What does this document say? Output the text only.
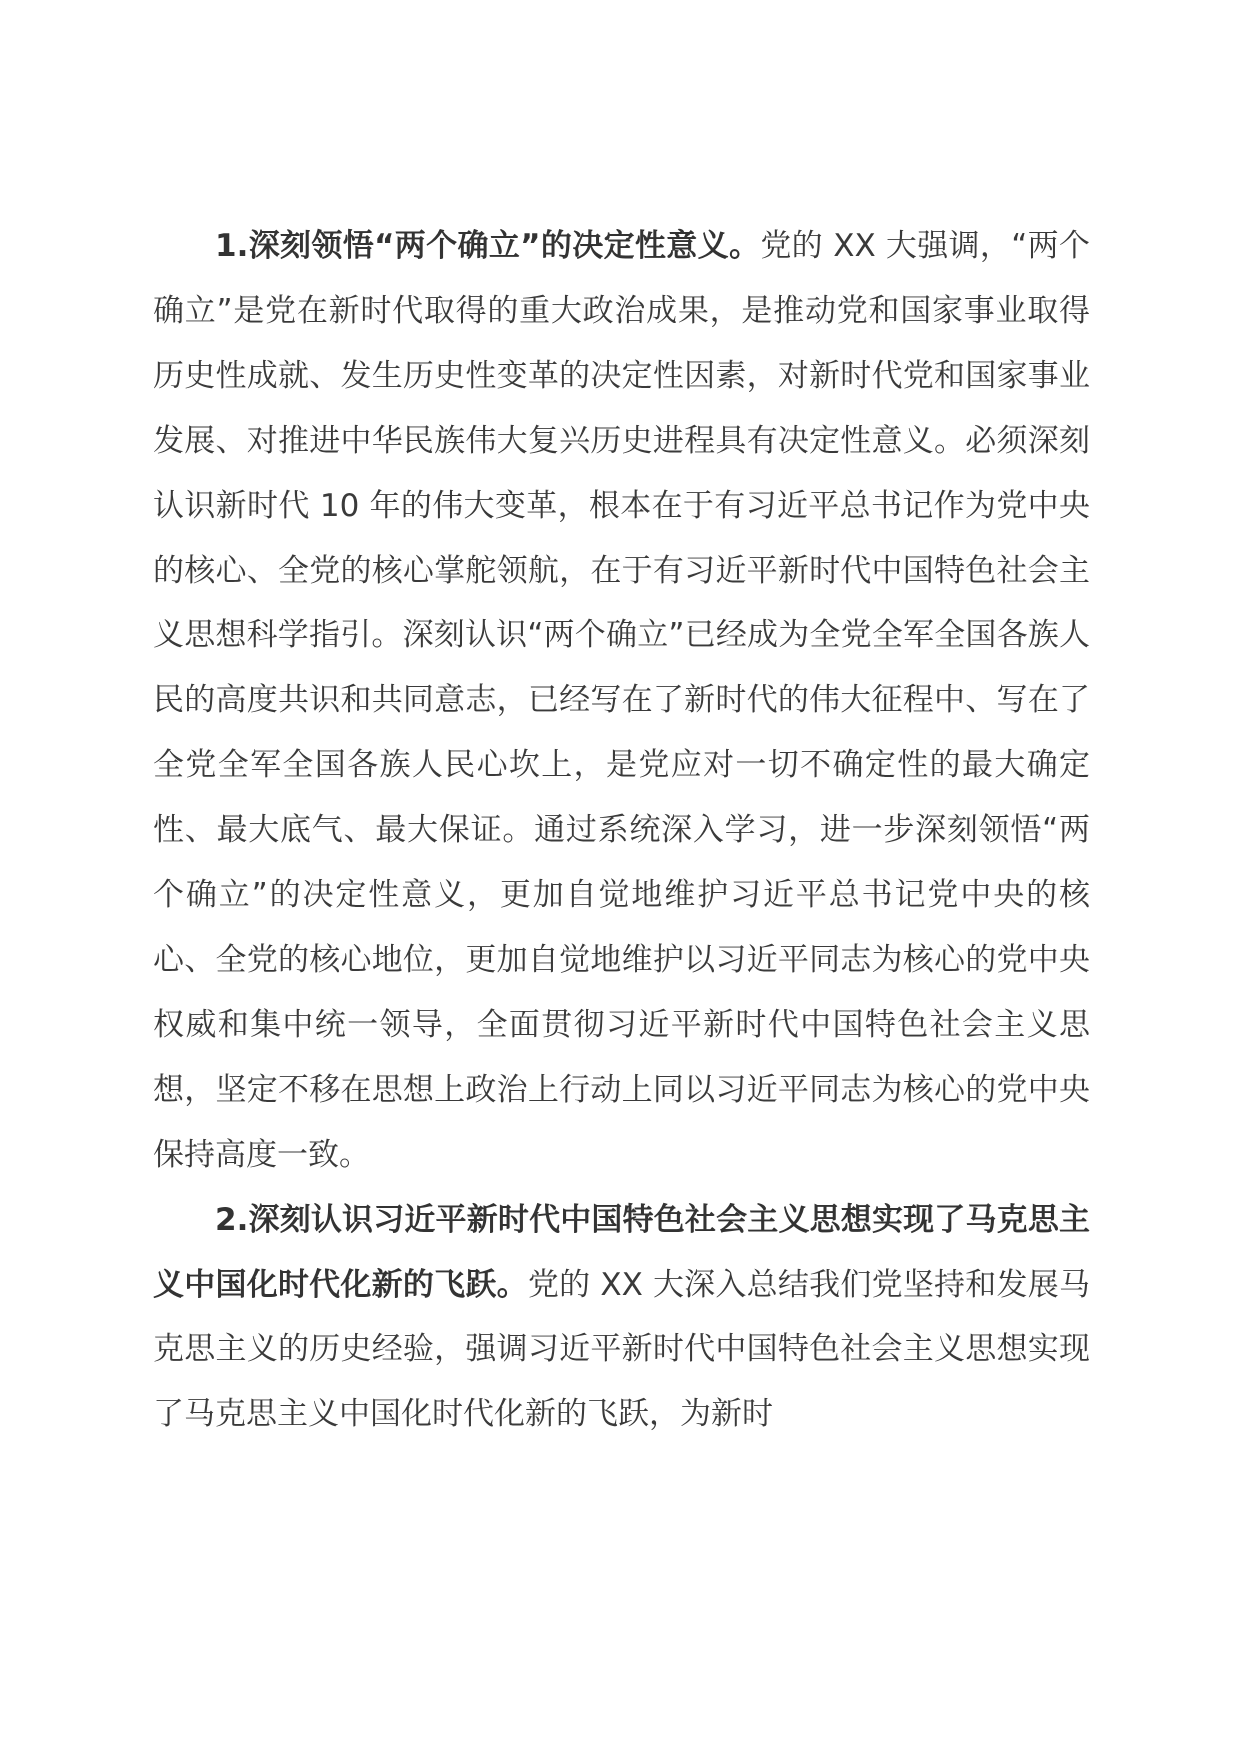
1.深刻领悟“两个确立”的决定性意义。党的 XX 大强调，“两个确立”是党在新时代取得的重大政治成果，是推动党和国家事业取得历史性成就、发生历史性变革的决定性因素，对新时代党和国家事业发展、对推进中华民族伟大复兴历史进程具有决定性意义。必须深刻认识新时代 10 年的伟大变革，根本在于有习近平总书记作为党中央的核心、全党的核心掌舵领航，在于有习近平新时代中国特色社会主义思想科学指引。深刻认识“两个确立”已经成为全党全军全国各族人民的高度共识和共同意志，已经写在了新时代的伟大征程中、写在了全党全军全国各族人民心坎上，是党应对一切不确定性的最大确定性、最大底气、最大保证。通过系统深入学习，进一步深刻领悟“两个确立”的决定性意义，更加自觉地维护习近平总书记党中央的核心、全党的核心地位，更加自觉地维护以习近平同志为核心的党中央权威和集中统一领导，全面贯彻习近平新时代中国特色社会主义思想，坚定不移在思想上政治上行动上同以习近平同志为核心的党中央保持高度一致。

2.深刻认识习近平新时代中国特色社会主义思想实现了马克思主义中国化时代化新的飞跃。党的 XX 大深入总结我们党坚持和发展马克思主义的历史经验，强调习近平新时代中国特色社会主义思想实现了马克思主义中国化时代化新的飞跃，为新时
